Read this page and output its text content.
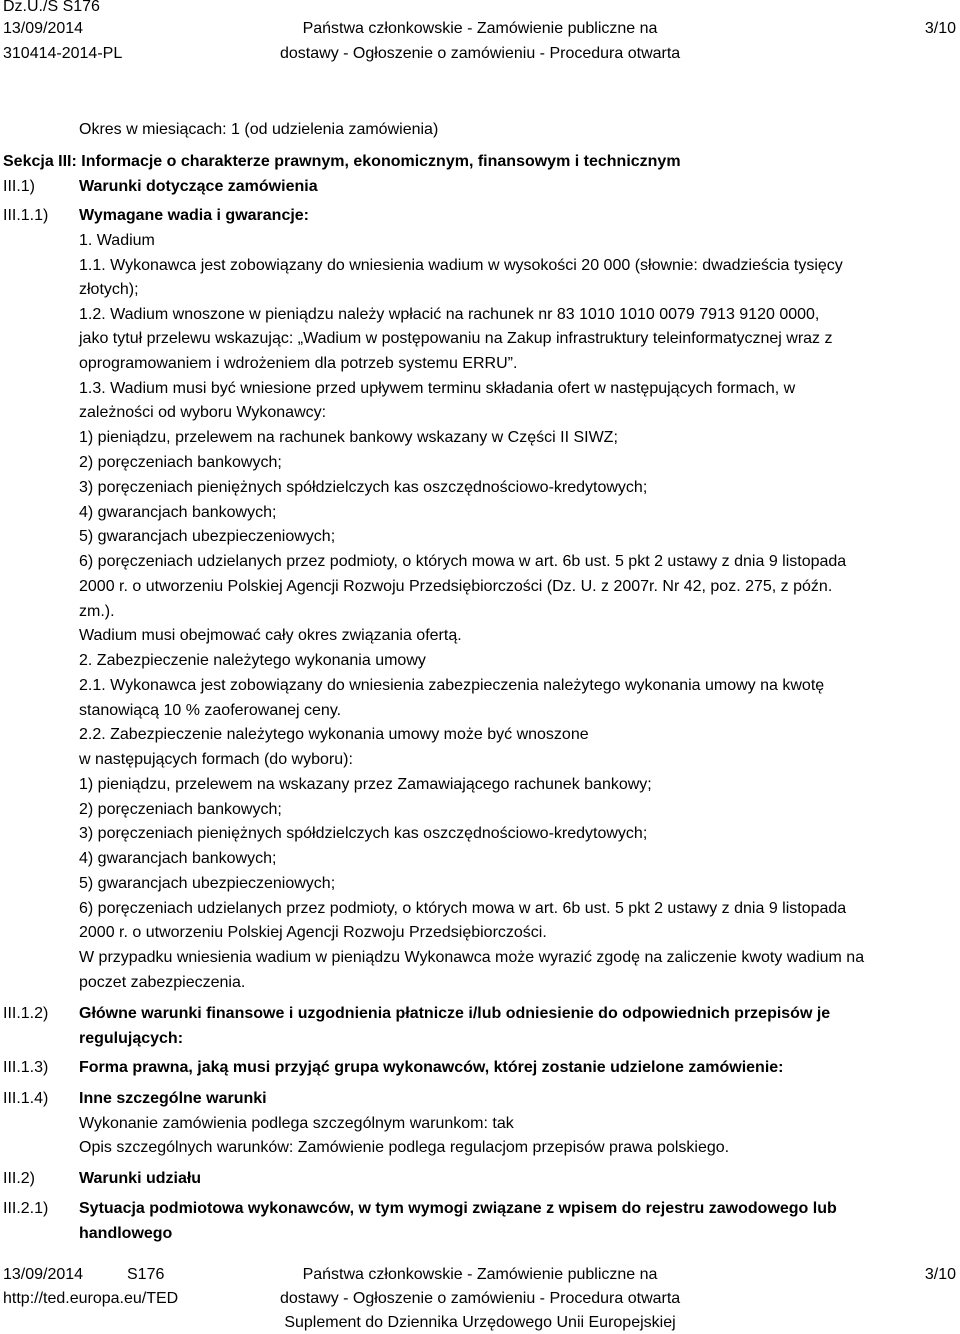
Dz.U./S S176
13/09/2014
310414-2014-PL
Państwa członkowskie - Zamówienie publiczne na
dostawy - Ogłoszenie o zamówieniu - Procedura otwarta
3/10
Okres w miesiącach: 1 (od udzielenia zamówienia)
Sekcja III: Informacje o charakterze prawnym, ekonomicznym, finansowym i technicznym
III.1)	Warunki dotyczące zamówienia
III.1.1) Wymagane wadia i gwarancje:
1. Wadium
1.1. Wykonawca jest zobowiązany do wniesienia wadium w wysokości 20 000 (słownie: dwadzieścia tysięcy
złotych);
1.2. Wadium wnoszone w pieniądzu należy wpłacić na rachunek nr 83 1010 1010 0079 7913 9120 0000,
jako tytuł przelewu wskazując: „Wadium w postępowaniu na Zakup infrastruktury teleinformatycznej wraz z
oprogramowaniem i wdrożeniem dla potrzeb systemu ERRU”.
1.3. Wadium musi być wniesione przed upływem terminu składania ofert w następujących formach, w
zależności od wyboru Wykonawcy:
1) pieniądzu, przelewem na rachunek bankowy wskazany w Części II SIWZ;
2) poręczeniach bankowych;
3) poręczeniach pieniężnych spółdzielczych kas oszczędnościowo-kredytowych;
4) gwarancjach bankowych;
5) gwarancjach ubezpieczeniowych;
6) poręczeniach udzielanych przez podmioty, o których mowa w art. 6b ust. 5 pkt 2 ustawy z dnia 9 listopada
2000 r. o utworzeniu Polskiej Agencji Rozwoju Przedsiębiorczości (Dz. U. z 2007r. Nr 42, poz. 275, z późn.
zm.).
Wadium musi obejmować cały okres związania ofertą.
2. Zabezpieczenie należytego wykonania umowy
2.1. Wykonawca jest zobowiązany do wniesienia zabezpieczenia należytego wykonania umowy na kwotę
stanowiącą 10 % zaoferowanej ceny.
2.2. Zabezpieczenie należytego wykonania umowy może być wnoszone
w następujących formach (do wyboru):
1) pieniądzu, przelewem na wskazany przez Zamawiającego rachunek bankowy;
2) poręczeniach bankowych;
3) poręczeniach pieniężnych spółdzielczych kas oszczędnościowo-kredytowych;
4) gwarancjach bankowych;
5) gwarancjach ubezpieczeniowych;
6) poręczeniach udzielanych przez podmioty, o których mowa w art. 6b ust. 5 pkt 2 ustawy z dnia 9 listopada
2000 r. o utworzeniu Polskiej Agencji Rozwoju Przedsiębiorczości.
W przypadku wniesienia wadium w pieniądzu Wykonawca może wyrazić zgodę na zaliczenie kwoty wadium na
poczet zabezpieczenia.
III.1.2) Główne warunki finansowe i uzgodnienia płatnicze i/lub odniesienie do odpowiednich przepisów je
regulujących:
III.1.3) Forma prawna, jaką musi przyjąć grupa wykonawców, której zostanie udzielone zamówienie:
III.1.4) Inne szczególne warunki
Wykonanie zamówienia podlega szczególnym warunkom: tak
Opis szczególnych warunków: Zamówienie podlega regulacjom przepisów prawa polskiego.
III.2)	Warunki udziału
III.2.1) Sytuacja podmiotowa wykonawców, w tym wymogi związane z wpisem do rejestru zawodowego lub
handlowego
13/09/2014	S176
http://ted.europa.eu/TED
Państwa członkowskie - Zamówienie publiczne na
dostawy - Ogłoszenie o zamówieniu - Procedura otwarta
Suplement do Dziennika Urzędowego Unii Europejskiej
3/10
